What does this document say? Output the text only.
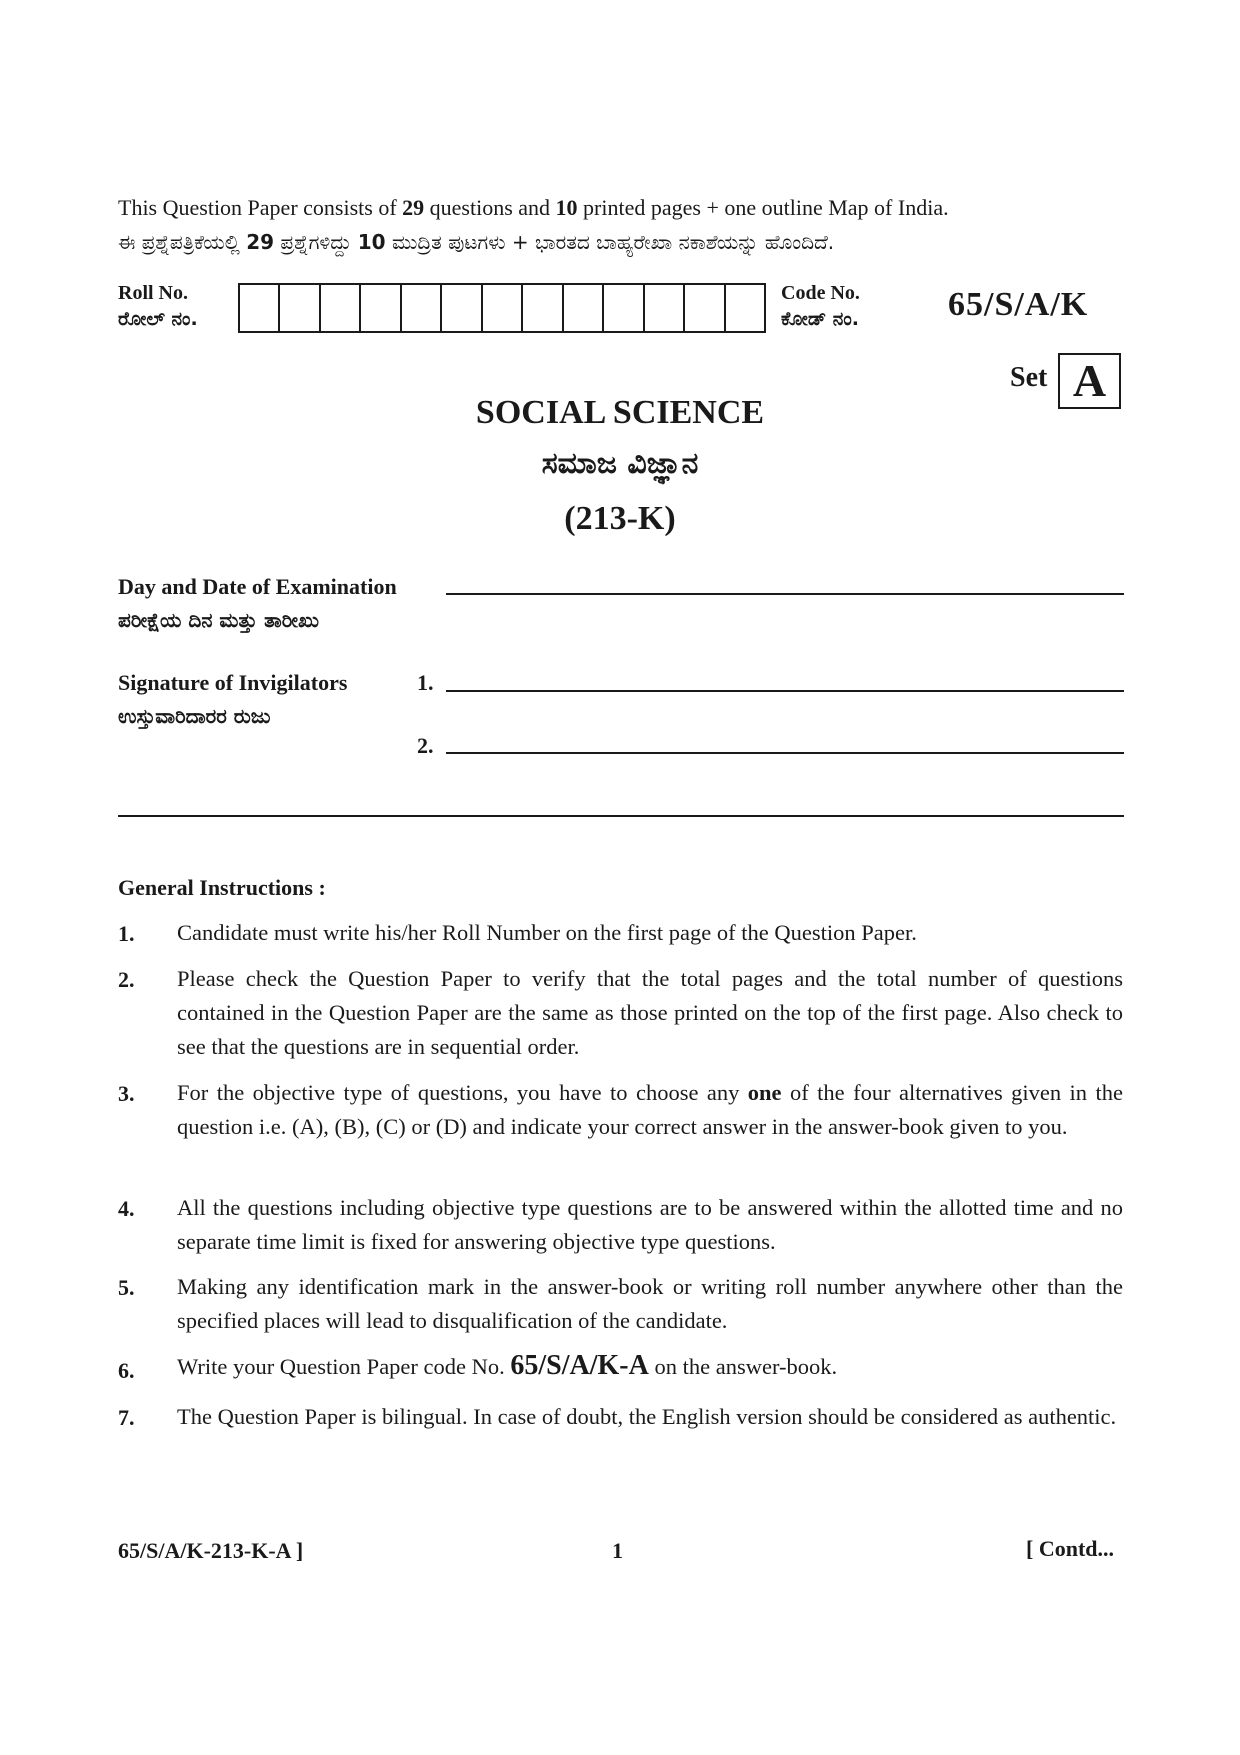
This Question Paper consists of 29 questions and 10 printed pages + one outline Map of India.
ಈ ಪ್ರಶ್ನೆಪತ್ರಿಕೆಯಲ್ಲಿ 29 ಪ್ರಶ್ನೆಗಳಿದ್ದು 10 ಮುದ್ರಿತ ಪುಟಗಳು + ಭಾರತದ ಬಾಹ್ಯರೇಖಾ ನಕಾಶೆಯನ್ನು ಹೊಂದಿದೆ.
Roll No.
ರೋಲ್ ನಂ.
Code No.
ಕೋಡ್ ನಂ.	65/S/A/K
Set A
SOCIAL SCIENCE
ಸಮಾಜ ವಿಜ್ಞಾನ
(213-K)
Day and Date of Examination
ಪರೀಕ್ಷೆಯ ದಿನ ಮತ್ತು ತಾರೀಖು
Signature of Invigilators	1.
ಉಸ್ತುವಾರಿದಾರರ ರುಜು
2.
General Instructions :
1. Candidate must write his/her Roll Number on the first page of the Question Paper.
2. Please check the Question Paper to verify that the total pages and the total number of questions contained in the Question Paper are the same as those printed on the top of the first page. Also check to see that the questions are in sequential order.
3. For the objective type of questions, you have to choose any one of the four alternatives given in the question i.e. (A), (B), (C) or (D) and indicate your correct answer in the answer-book given to you.
4. All the questions including objective type questions are to be answered within the allotted time and no separate time limit is fixed for answering objective type questions.
5. Making any identification mark in the answer-book or writing roll number anywhere other than the specified places will lead to disqualification of the candidate.
6. Write your Question Paper code No. 65/S/A/K-A on the answer-book.
7. The Question Paper is bilingual. In case of doubt, the English version should be considered as authentic.
65/S/A/K-213-K-A ]	1	[ Contd...
